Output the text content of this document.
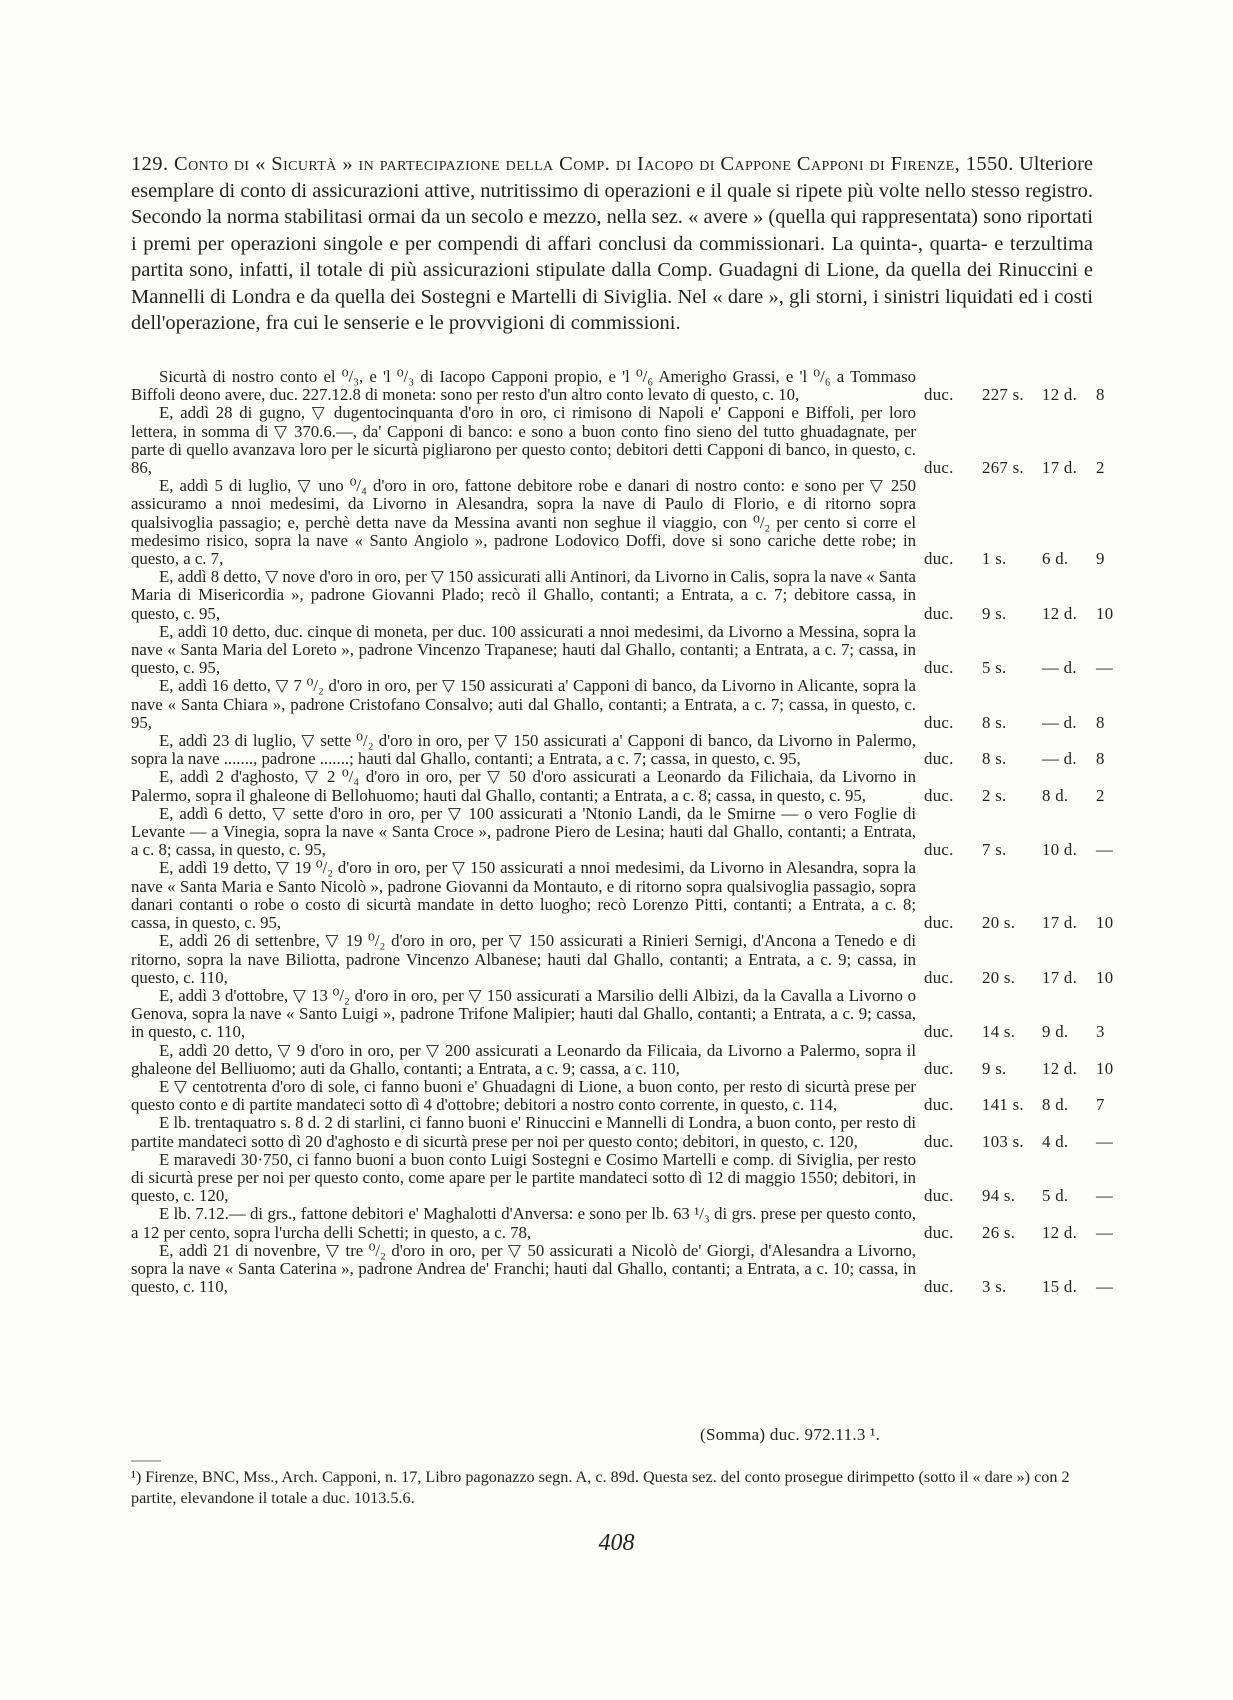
129. Conto di « Sicurtà » in partecipazione della Comp. di Iacopo di Cappone Capponi di Firenze, 1550. Ulteriore esemplare di conto di assicurazioni attive, nutritissimo di operazioni e il quale si ripete più volte nello stesso registro. Secondo la norma stabilitasi ormai da un secolo e mezzo, nella sez. « avere » (quella qui rappresentata) sono riportati i premi per operazioni singole e per compendi di affari conclusi da commissionari. La quinta-, quarta- e terzultima partita sono, infatti, il totale di più assicurazioni stipulate dalla Comp. Guadagni di Lione, da quella dei Rinuccini e Mannelli di Londra e da quella dei Sostegni e Martelli di Siviglia. Nel « dare », gli storni, i sinistri liquidati ed i costi dell'operazione, fra cui le senserie e le provvigioni di commissioni.
Sicurtà di nostro conto el ⁰/₃, e 'l ⁰/₃ di Iacopo Capponi propio, e 'l ⁰/₆ Amerigho Grassi, e 'l ⁰/₆ a Tommaso Biffoli deono avere, duc. 227.12.8 di moneta: sono per resto d'un altro conto levato di questo, c. 10,	duc.	227 s.	12 d.	8
E, addì 28 di gugno, ▽ dugentocinquanta d'oro in oro, ci rimisono di Napoli e' Capponi e Biffoli, per loro lettera, in somma di ▽ 370.6.—, da' Capponi di banco: e sono a buon conto fino sieno del tutto ghuadagnate, per parte di quello avanzava loro per le sicurtà pigliarono per questo conto; debitori detti Capponi di banco, in questo, c. 86,	duc.	267 s.	17 d.	2
E, addì 5 di luglio, ▽ uno ⁰/₄ d'oro in oro, fattone debitore robe e danari di nostro conto: e sono per ▽ 250 assicuramo a nnoi medesimi, da Livorno in Alesandra, sopra la nave di Paulo di Florio, e di ritorno sopra qualsivoglia passagio; e, perchè detta nave da Messina avanti non seghue il viaggio, con ⁰/₂ per cento si corre el medesimo risico, sopra la nave « Santo Angiolo », padrone Lodovico Doffi, dove si sono cariche dette robe; in questo, a c. 7,	duc.	1 s.	6 d.	9
E, addì 8 detto, ▽ nove d'oro in oro, per ▽ 150 assicurati alli Antinori, da Livorno in Calis, sopra la nave « Santa Maria di Misericordia », padrone Giovanni Plado; recò il Ghallo, contanti; a Entrata, a c. 7; debitore cassa, in questo, c. 95,	duc.	9 s.	12 d.	10
E, addì 10 detto, duc. cinque di moneta, per duc. 100 assicurati a nnoi medesimi, da Livorno a Messina, sopra la nave « Santa Maria del Loreto », padrone Vincenzo Trapanese; hauti dal Ghallo, contanti; a Entrata, a c. 7; cassa, in questo, c. 95,	duc.	5 s.	— d.	—
E, addì 16 detto, ▽ 7 ⁰/₂ d'oro in oro, per ▽ 150 assicurati a' Capponi di banco, da Livorno in Alicante, sopra la nave « Santa Chiara », padrone Cristofano Consalvo; auti dal Ghallo, contanti; a Entrata, a c. 7; cassa, in questo, c. 95,	duc.	8 s.	— d.	8
E, addì 23 di luglio, ▽ sette ⁰/₂ d'oro in oro, per ▽ 150 assicurati a' Capponi di banco, da Livorno in Palermo, sopra la nave ......., padrone .......; hauti dal Ghallo, contanti; a Entrata, a c. 7; cassa, in questo, c. 95,	duc.	8 s.	— d.	8
E, addì 2 d'aghosto, ▽ 2 ⁰/₄ d'oro in oro, per ▽ 50 d'oro assicurati a Leonardo da Filichaia, da Livorno in Palermo, sopra il ghaleone di Bellohuomo; hauti dal Ghallo, contanti; a Entrata, a c. 8; cassa, in questo, c. 95,	duc.	2 s.	8 d.	2
E, addì 6 detto, ▽ sette d'oro in oro, per ▽ 100 assicurati a 'Ntonio Landi, da le Smirne — o vero Foglie di Levante — a Vinegia, sopra la nave « Santa Croce », padrone Piero de Lesina; hauti dal Ghallo, contanti; a Entrata, a c. 8; cassa, in questo, c. 95,	duc.	7 s.	10 d.	—
E, addì 19 detto, ▽ 19 ⁰/₂ d'oro in oro, per ▽ 150 assicurati a nnoi medesimi, da Livorno in Alesandra, sopra la nave « Santa Maria e Santo Nicolò », padrone Giovanni da Montauto, e di ritorno sopra qualsivoglia passagio, sopra danari contanti o robe o costo di sicurtà mandate in detto luogho; recò Lorenzo Pitti, contanti; a Entrata, a c. 8; cassa, in questo, c. 95,	duc.	20 s.	17 d.	10
E, addì 26 di settenbre, ▽ 19 ⁰/₂ d'oro in oro, per ▽ 150 assicurati a Rinieri Sernigi, d'Ancona a Tenedo e di ritorno, sopra la nave Biliotta, padrone Vincenzo Albanese; hauti dal Ghallo, contanti; a Entrata, a c. 9; cassa, in questo, c. 110,	duc.	20 s.	17 d.	10
E, addì 3 d'ottobre, ▽ 13 ⁰/₂ d'oro in oro, per ▽ 150 assicurati a Marsilio delli Albizi, da la Cavalla a Livorno o Genova, sopra la nave « Santo Luigi », padrone Trifone Malipier; hauti dal Ghallo, contanti; a Entrata, a c. 9; cassa, in questo, c. 110,	duc.	14 s.	9 d.	3
E, addì 20 detto, ▽ 9 d'oro in oro, per ▽ 200 assicurati a Leonardo da Filicaia, da Livorno a Palermo, sopra il ghaleone del Belliuomo; auti da Ghallo, contanti; a Entrata, a c. 9; cassa, a c. 110,	duc.	9 s.	12 d.	10
E ▽ centotrenta d'oro di sole, ci fanno buoni e' Ghuadagni di Lione, a buon conto, per resto di sicurtà prese per questo conto e di partite mandateci sotto dì 4 d'ottobre; debitori a nostro conto corrente, in questo, c. 114,	duc.	141 s.	8 d.	7
E lb. trentaquatro s. 8 d. 2 di starlini, ci fanno buoni e' Rinuccini e Mannelli di Londra, a buon conto, per resto di partite mandateci sotto dì 20 d'aghosto e di sicurtà prese per noi per questo conto; debitori, in questo, c. 120,	duc.	103 s.	4 d.	—
E maravedi 30·750, ci fanno buoni a buon conto Luigi Sostegni e Cosimo Martelli e comp. di Siviglia, per resto di sicurtà prese per noi per questo conto, come apare per le partite mandateci sotto dì 12 di maggio 1550; debitori, in questo, c. 120,	duc.	94 s.	5 d.	—
E lb. 7.12.— di grs., fattone debitori e' Maghalotti d'Anversa: e sono per lb. 63 ¹/₃ di grs. prese per questo conto, a 12 per cento, sopra l'urcha delli Schetti; in questo, a c. 78,	duc.	26 s.	12 d.	—
E, addì 21 di novenbre, ▽ tre ⁰/₂ d'oro in oro, per ▽ 50 assicurati a Nicolò de' Giorgi, d'Alesandra a Livorno, sopra la nave « Santa Caterina », padrone Andrea de' Franchi; hauti dal Ghallo, contanti; a Entrata, a c. 10; cassa, in questo, c. 110,	duc.	3 s.	15 d.	—
(Somma) duc. 972.11.3 ¹.
¹) Firenze, BNC, Mss., Arch. Capponi, n. 17, Libro pagonazzo segn. A, c. 89d. Questa sez. del conto prosegue dirimpetto (sotto il « dare ») con 2 partite, elevandone il totale a duc. 1013.5.6.
408
